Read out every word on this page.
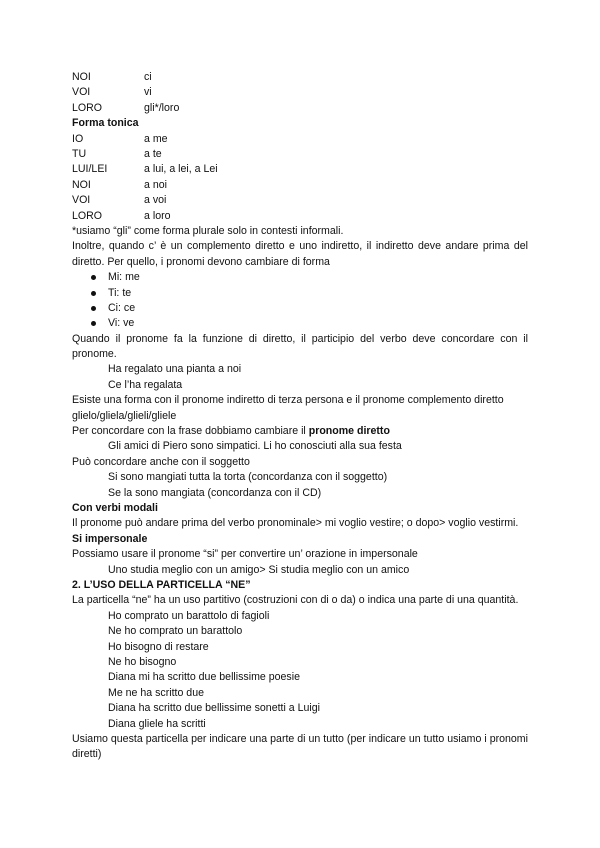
NOI	ci
VOI	vi
LORO	gli*/loro
Forma tonica
IO	a me
TU	a te
LUI/LEI	a lui, a lei, a Lei
NOI	a noi
VOI	a voi
LORO	a loro
*usiamo “gli” come forma plurale solo in contesti informali.

Inoltre, quando c’ è un complemento diretto e uno indiretto, il indiretto deve andare prima del diretto. Per quello, i pronomi devono cambiare di forma

Mi: me
Ti: te
Ci: ce
Vi: ve

Quando il pronome fa la funzione di diretto, il participio del verbo deve concordare con il pronome.

Ha regalato una pianta a noi
Ce l’ha regalata
Esiste una forma con il pronome indiretto di terza persona e il pronome complemento diretto
glielo/gliela/glieli/gliele
Per concordare con la frase dobbiamo cambiare il pronome diretto
Gli amici di Piero sono simpatici. Li ho conosciuti alla sua festa
Può concordare anche con il soggetto
Si sono mangiati tutta la torta (concordanza con il soggetto)
Se la sono mangiata (concordanza con il CD)
Con verbi modali

Il pronome può andare prima del verbo pronominale> mi voglio vestire; o dopo> voglio vestirmi.

Si impersonale
Possiamo usare il pronome “si” per convertire un’ orazione in impersonale
Uno studia meglio con un amigo> Si studia meglio con un amico
2. L’USO DELLA PARTICELLA “NE”

La particella “ne” ha un uso partitivo (costruzioni con di o da) o indica una parte di una quantità.

Ho comprato un barattolo di fagioli
Ne ho comprato un barattolo
Ho bisogno di restare
Ne ho bisogno
Diana mi ha scritto due bellissime poesie
Me ne ha scritto due
Diana ha scritto due bellissime sonetti a Luigi
Diana gliele ha scritti

Usiamo questa particella per indicare una parte di un tutto (per indicare un tutto usiamo i pronomi diretti)
